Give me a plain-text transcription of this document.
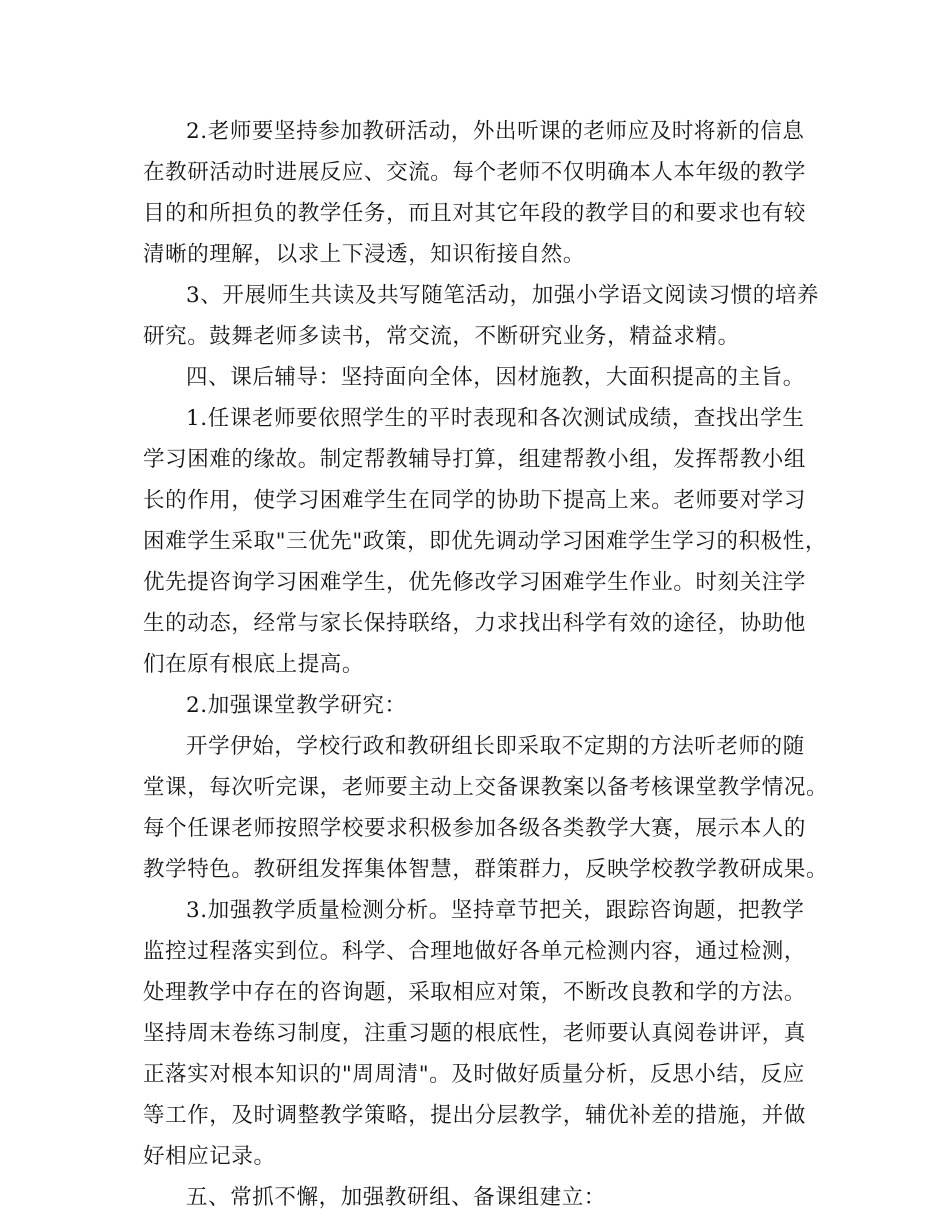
2.老师要坚持参加教研活动，外出听课的老师应及时将新的信息
在教研活动时进展反应、交流。每个老师不仅明确本人本年级的教学
目的和所担负的教学任务，而且对其它年段的教学目的和要求也有较
清晰的理解，以求上下浸透，知识衔接自然。
3、开展师生共读及共写随笔活动，加强小学语文阅读习惯的培养
研究。鼓舞老师多读书，常交流，不断研究业务，精益求精。
四、课后辅导：坚持面向全体，因材施教，大面积提高的主旨。
1.任课老师要依照学生的平时表现和各次测试成绩，查找出学生
学习困难的缘故。制定帮教辅导打算，组建帮教小组，发挥帮教小组
长的作用，使学习困难学生在同学的协助下提高上来。老师要对学习
困难学生采取"三优先"政策，即优先调动学习困难学生学习的积极性，
优先提咨询学习困难学生，优先修改学习困难学生作业。时刻关注学
生的动态，经常与家长保持联络，力求找出科学有效的途径，协助他
们在原有根底上提高。
2.加强课堂教学研究：
开学伊始，学校行政和教研组长即采取不定期的方法听老师的随
堂课，每次听完课，老师要主动上交备课教案以备考核课堂教学情况。
每个任课老师按照学校要求积极参加各级各类教学大赛，展示本人的
教学特色。教研组发挥集体智慧，群策群力，反映学校教学教研成果。
3.加强教学质量检测分析。坚持章节把关，跟踪咨询题，把教学
监控过程落实到位。科学、合理地做好各单元检测内容，通过检测，
处理教学中存在的咨询题，采取相应对策，不断改良教和学的方法。
坚持周末卷练习制度，注重习题的根底性，老师要认真阅卷讲评，真
正落实对根本知识的"周周清"。及时做好质量分析，反思小结，反应
等工作，及时调整教学策略，提出分层教学，辅优补差的措施，并做
好相应记录。
五、常抓不懈，加强教研组、备课组建立：
